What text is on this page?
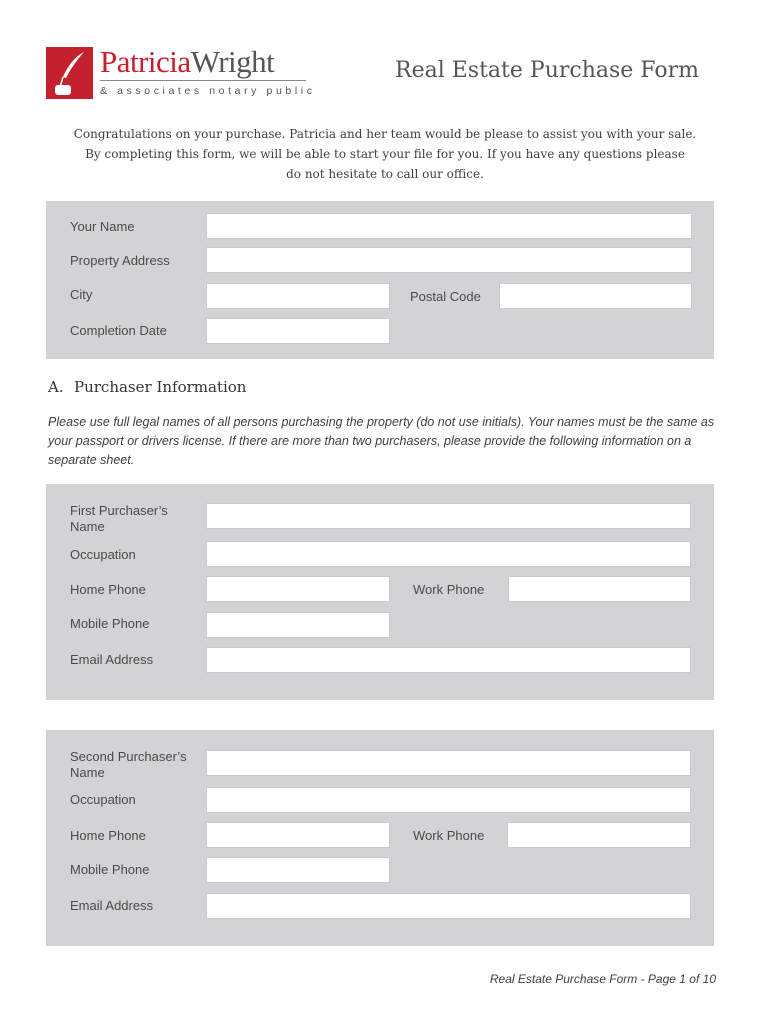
PatriciaWright
& associates notary public
Real Estate Purchase Form
Congratulations on your purchase. Patricia and her team would be please to assist you with your sale.
By completing this form, we will be able to start your file for you. If you have any questions please
do not hesitate to call our office.
Your Name
Property Address
City	Postal Code
Completion Date
A. Purchaser Information
Please use full legal names of all persons purchasing the property (do not use initials). Your names must be the same as your passport or drivers license. If there are more than two purchasers, please provide the following information on a separate sheet.
First Purchaser’s
Name
Occupation
Home Phone	Work Phone
Mobile Phone
Email Address
Second Purchaser’s
Name
Occupation
Home Phone	Work Phone
Mobile Phone
Email Address
Real Estate Purchase Form - Page 1 of 10
